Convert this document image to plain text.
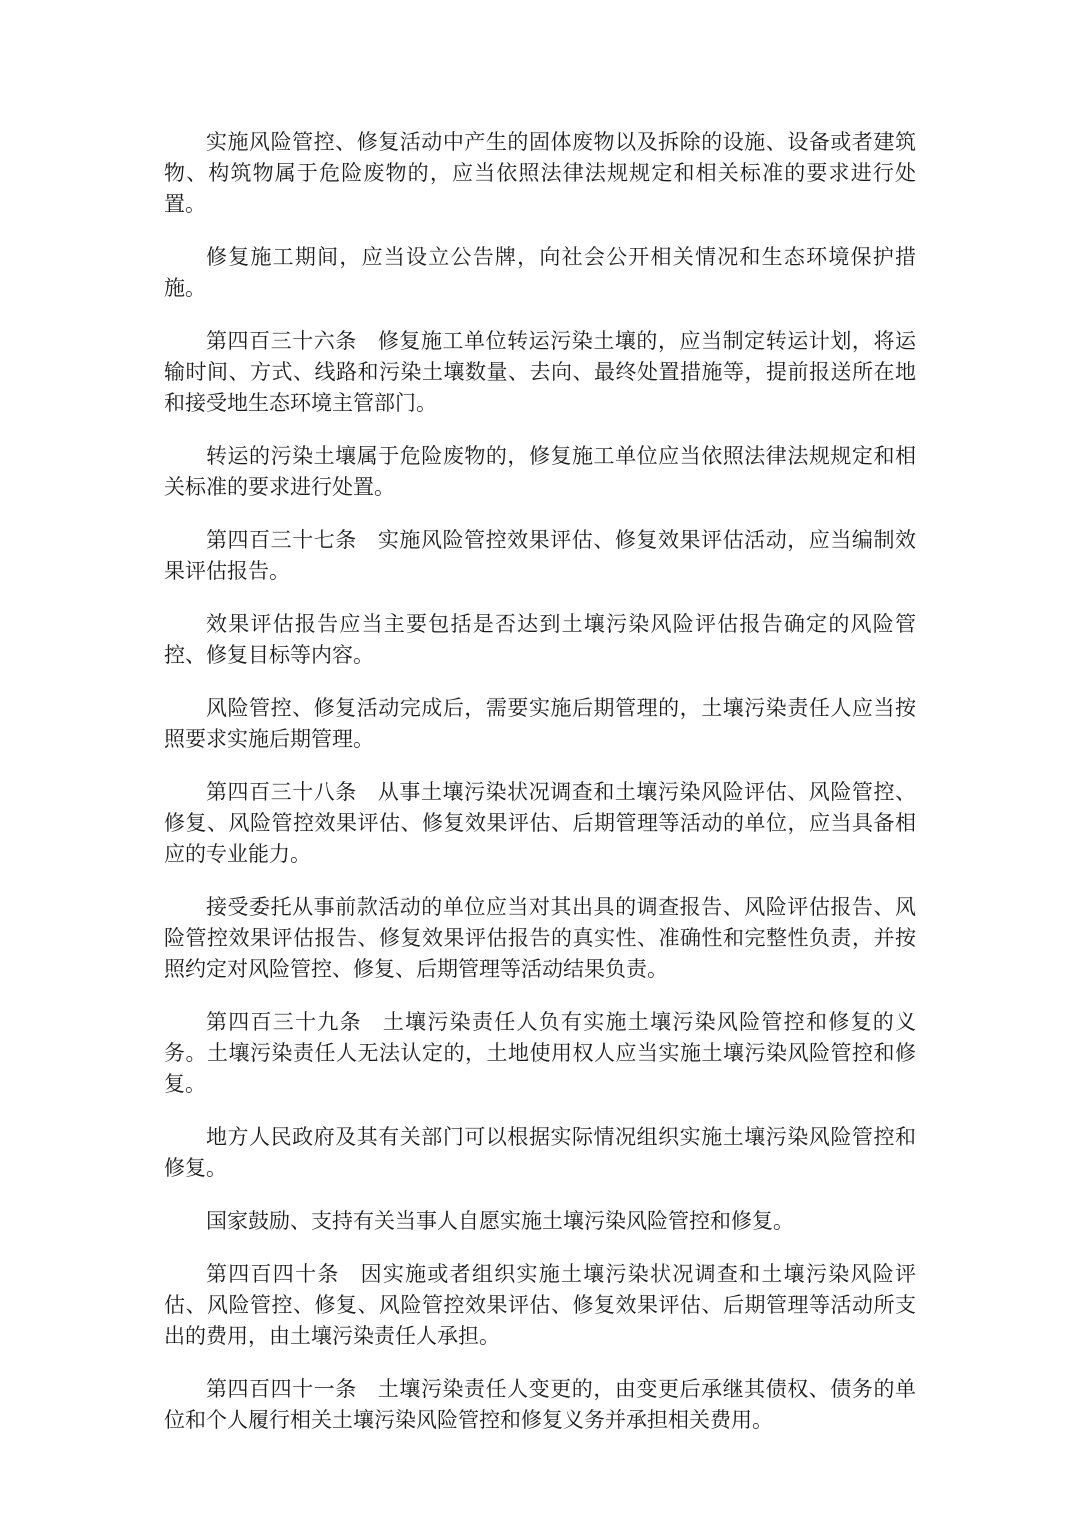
实施风险管控、修复活动中产生的固体废物以及拆除的设施、设备或者建筑物、构筑物属于危险废物的，应当依照法律法规规定和相关标准的要求进行处置。

修复施工期间，应当设立公告牌，向社会公开相关情况和生态环境保护措施。

第四百三十六条 修复施工单位转运污染土壤的，应当制定转运计划，将运输时间、方式、线路和污染土壤数量、去向、最终处置措施等，提前报送所在地和接受地生态环境主管部门。

转运的污染土壤属于危险废物的，修复施工单位应当依照法律法规规定和相关标准的要求进行处置。

第四百三十七条 实施风险管控效果评估、修复效果评估活动，应当编制效果评估报告。

效果评估报告应当主要包括是否达到土壤污染风险评估报告确定的风险管控、修复目标等内容。

风险管控、修复活动完成后，需要实施后期管理的，土壤污染责任人应当按照要求实施后期管理。

第四百三十八条 从事土壤污染状况调查和土壤污染风险评估、风险管控、修复、风险管控效果评估、修复效果评估、后期管理等活动的单位，应当具备相应的专业能力。

接受委托从事前款活动的单位应当对其出具的调查报告、风险评估报告、风险管控效果评估报告、修复效果评估报告的真实性、准确性和完整性负责，并按照约定对风险管控、修复、后期管理等活动结果负责。

第四百三十九条 土壤污染责任人负有实施土壤污染风险管控和修复的义务。土壤污染责任人无法认定的，土地使用权人应当实施土壤污染风险管控和修复。

地方人民政府及其有关部门可以根据实际情况组织实施土壤污染风险管控和修复。

国家鼓励、支持有关当事人自愿实施土壤污染风险管控和修复。

第四百四十条 因实施或者组织实施土壤污染状况调查和土壤污染风险评估、风险管控、修复、风险管控效果评估、修复效果评估、后期管理等活动所支出的费用，由土壤污染责任人承担。

第四百四十一条 土壤污染责任人变更的，由变更后承继其债权、债务的单位和个人履行相关土壤污染风险管控和修复义务并承担相关费用。
